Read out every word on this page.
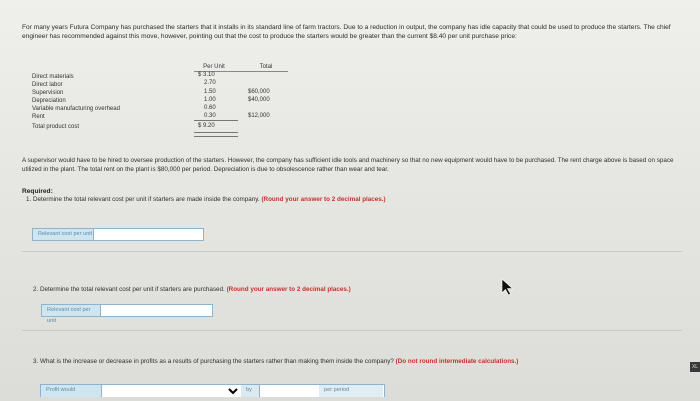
For many years Futura Company has purchased the starters that it installs in its standard line of farm tractors. Due to a reduction in output, the company has idle capacity that could be used to produce the starters. The chief engineer has recommended against this move, however, pointing out that the cost to produce the starters would be greater than the current $8.40 per unit purchase price:
Per Unit	Total
Direct materials	$ 3.10
Direct labor	2.70
Supervision	1.50	$60,000
Depreciation	1.00	$40,000
Variable manufacturing overhead	0.60
Rent	0.30	$12,000
Total product cost	$ 9.20
A supervisor would have to be hired to oversee production of the starters. However, the company has sufficient idle tools and machinery so that no new equipment would have to be purchased. The rent charge above is based on space utilized in the plant. The total rent on the plant is $80,000 per period. Depreciation is due to obsolescence rather than wear and tear.
Required:
1. Determine the total relevant cost per unit if starters are made inside the company. (Round your answer to 2 decimal places.)
Relevant cost per unit
2. Determine the total relevant cost per unit if starters are purchased. (Round your answer to 2 decimal places.)
Relevant cost per unit
3. What is the increase or decrease in profits as a results of purchasing the starters rather than making them inside the company? (Do not round intermediate calculations.)
Profit would	by	per period
XL
